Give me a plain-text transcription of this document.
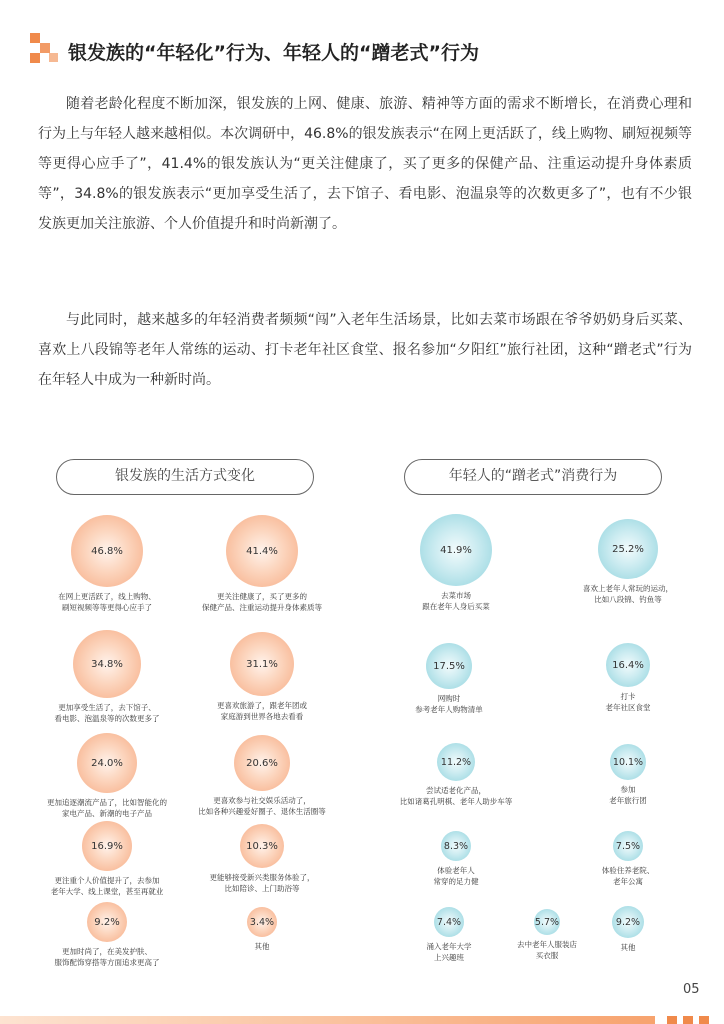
银发族的“年轻化”行为、年轻人的“蹭老式”行为

随着老龄化程度不断加深，银发族的上网、健康、旅游、精神等方面的需求不断增长，在消费心理和行为上与年轻人越来越相似。本次调研中，46.8%的银发族表示“在网上更活跃了，线上购物、刷短视频等等更得心应手了”，41.4%的银发族认为“更关注健康了，买了更多的保健产品、注重运动提升身体素质等”，34.8%的银发族表示“更加享受生活了，去下馆子、看电影、泡温泉等的次数更多了”，也有不少银发族更加关注旅游、个人价值提升和时尚新潮了。

与此同时，越来越多的年轻消费者频频“闯”入老年生活场景，比如去菜市场跟在爷爷奶奶身后买菜、喜欢上八段锦等老年人常练的运动、打卡老年社区食堂、报名参加“夕阳红”旅行社团，这种“蹭老式”行为在年轻人中成为一种新时尚。

银发族的生活方式变化	年轻人的“蹭老式”消费行为
46.8%
在网上更活跃了，线上购物、
刷短视频等等更得心应手了
41.4%
更关注健康了，买了更多的
保健产品、注重运动提升身体素质等
34.8%
更加享受生活了，去下馆子、
看电影、泡温泉等的次数更多了
31.1%
更喜欢旅游了，跟老年团或
家庭游到世界各地去看看
24.0%
更加追逐潮流产品了，比如智能化的
家电产品、新潮的电子产品
20.6%
更喜欢参与社交娱乐活动了，
比如各种兴趣爱好圈子、退休生活圈等
16.9%
更注重个人价值提升了，去参加
老年大学、线上课堂，甚至再就业
10.3%
更能够接受新兴类服务体验了，
比如陪诊、上门助浴等
9.2%
更加时尚了，在美发护肤、
服饰配饰穿搭等方面追求更高了
3.4%
其他
41.9%
去菜市场
跟在老年人身后买菜
25.2%
喜欢上老年人常玩的运动，
比如八段锦、钓鱼等
17.5%
网购时
参考老年人购物清单
16.4%
打卡
老年社区食堂
11.2%
尝试适老化产品，
比如诸葛孔明棋、老年人助步车等
10.1%
参加
老年旅行团
8.3%
体验老年人
常穿的足力健
7.5%
体验住养老院、
老年公寓
7.4%
涌入老年大学
上兴趣班
5.7%
去中老年人服装店
买衣服
9.2%
其他
05
